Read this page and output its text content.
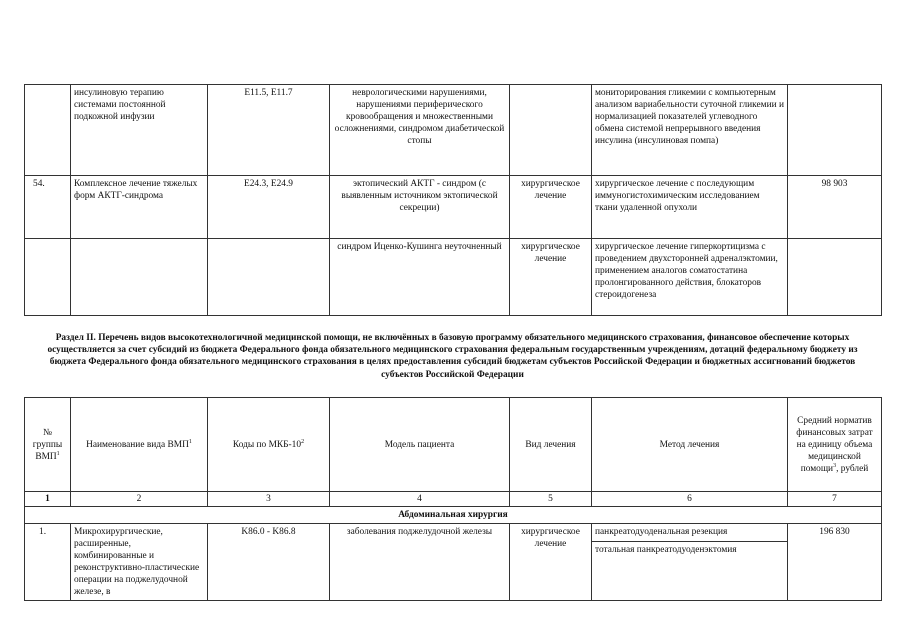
	инсулиновую терапию системами постоянной подкожной инфузии	E11.5, E11.7	неврологическими нарушениями, нарушениями периферического кровообращения и множественными осложнениями, синдромом диабетической стопы		мониторирования гликемии с компьютерным анализом вариабельности суточной гликемии и нормализацией показателей углеводного обмена системой непрерывного введения инсулина (инсулиновая помпа)	
54.	Комплексное лечение тяжелых форм АКТГ-синдрома	E24.3, E24.9	эктопический АКТГ - синдром (с выявленным источником эктопической секреции)	хирургическое лечение	хирургическое лечение с последующим иммуногистохимическим исследованием ткани удаленной опухоли	98 903
			синдром Иценко-Кушинга неуточненный	хирургическое лечение	хирургическое лечение гиперкортицизма с проведением двухсторонней адреналэктомии, применением аналогов соматостатина пролонгированного действия, блокаторов стероидогенеза	
Раздел II. Перечень видов высокотехнологичной медицинской помощи, не включённых в базовую программу обязательного медицинского страхования, финансовое обеспечение которых осуществляется за счет субсидий из бюджета Федерального фонда обязательного медицинского страхования федеральным государственным учреждениям, дотаций федеральному бюджету из бюджета Федерального фонда обязательного медицинского страхования в целях предоставления субсидий бюджетам субъектов Российской Федерации и бюджетных ассигнований бюджетов субъектов Российской Федерации
№ группы ВМП$^1$	Наименование вида ВМП$^1$	Коды по МКБ-$10^2$	Модель пациента	Вид лечения	Метод лечения	Средний норматив финансовых затрат на единицу объема медицинской помощи$^3$, рублей
1	2	3	4	5	6	7
Абдоминальная хирургия						
1.	Микрохирургические, расширенные, комбинированные и реконструктивно-пластические операции на поджелудочной железе, в	K86.0 - K86.8	заболевания поджелудочной железы	хирургическое лечение	панкреатодуоденальная резекция	196 830
					тотальная панкреатодуоденэктомия	
